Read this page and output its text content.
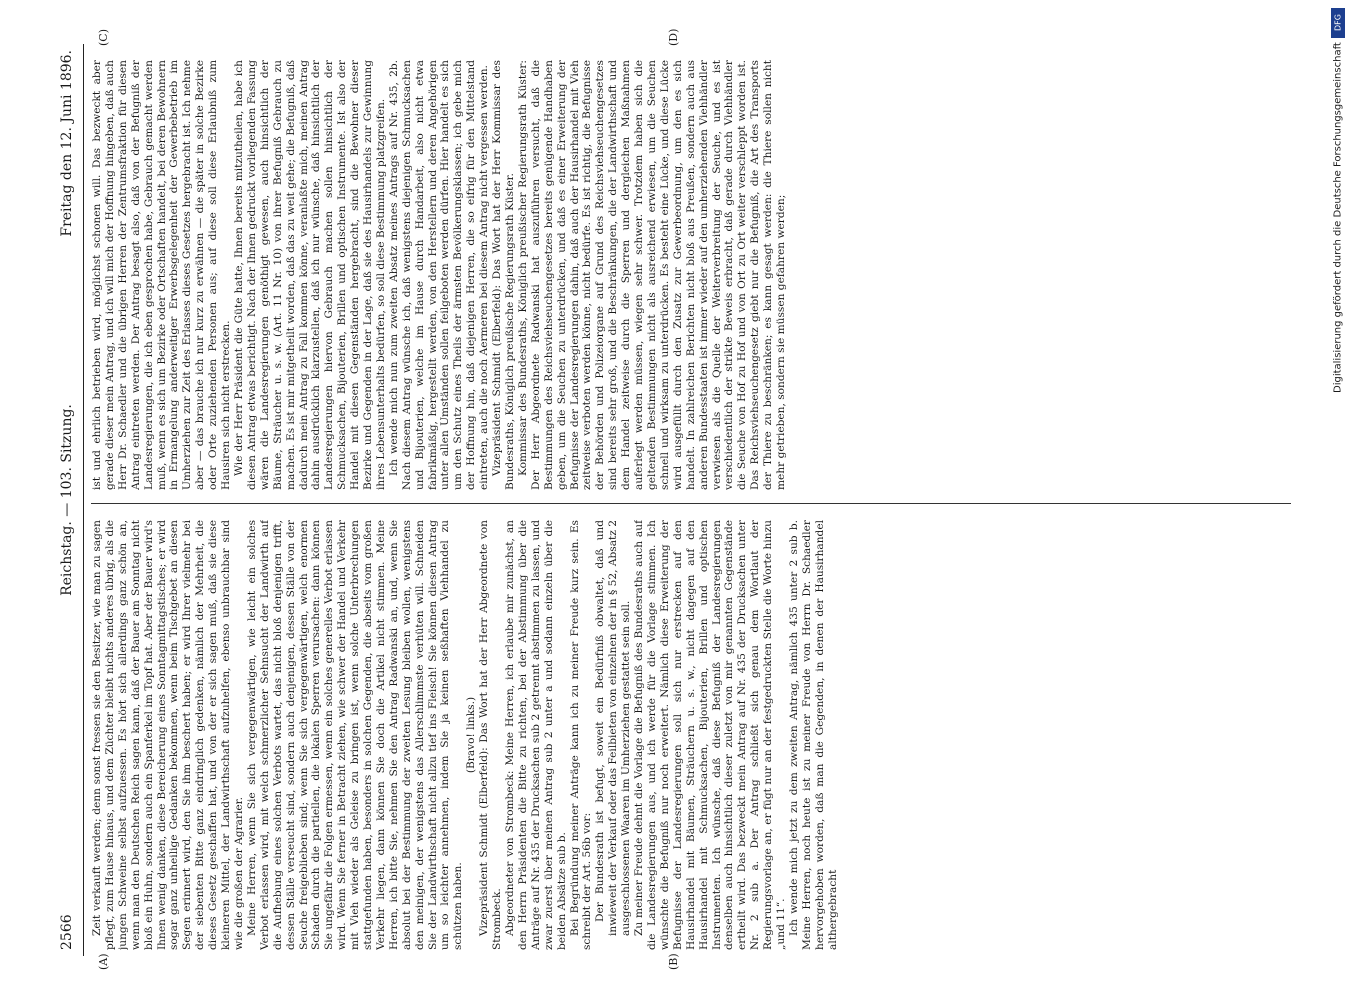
2566
Reichstag. — 103. Sitzung.
Freitag den 12. Juni 1896.
(A)	(B)
(C)	(D)

Zeit verkauft werden; denn sonst fressen sie den Besitzer, wie man zu sagen pflegt, zum Hause hinaus, und dem Züchter bleibt nichts anderes übrig, als die jungen Schweine selbst aufzuessen. Es hört sich allerdings ganz schön an, wenn man den Deutschen Reich sagen kann, daß der Bauer am Sonntag nicht bloß ein Huhn, sondern auch ein Spanferkel im Topf hat. Aber der Bauer wird's Ihnen wenig danken, diese Bereicherung eines Sonntagmittagstisches; er wird sogar ganz unheilige Gedanken bekommen, wenn beim Tischgebet an diesen Segen erinnert wird, den Sie ihm beschert haben; er wird Ihrer vielmehr bei der siebenten Bitte ganz eindringlich gedenken, nämlich der Mehrheit, die dieses Gesetz geschaffen hat, und von der er sich sagen muß, daß sie diese kleineren Mittel, der Landwirthschaft aufzuhelfen, ebenso unbrauchbar sind wie die großen der Agrarier. Meine Herren, wenn Sie sich vergegenwärtigen, wie leicht ein solches Verbot erlassen wird, mit welch schmerzlicher Sehnsucht der Landwirth auf die Aufhebung eines solchen Verbots wartet, das nicht bloß denjenigen trifft, dessen Ställe verseucht sind, sondern auch denjenigen, dessen Ställe von der Seuche freigeblieben sind; wenn Sie sich vergegenwärtigen, welch enormen Schaden durch die partiellen, die lokalen Sperren verursachen: dann können Sie ungefähr die Folgen ermessen, wenn ein solches generelles Verbot erlassen wird. Wenn Sie ferner in Betracht ziehen, wie schwer der Handel und Verkehr mit Vieh wieder als Geleise zu bringen ist, wenn solche Unterbrechungen stattgefunden haben, besonders in solchen Gegenden, die abseits vom großen Verkehr liegen, dann können Sie doch die Artikel nicht stimmen. Meine Herren, ich bitte Sie, nehmen Sie den Antrag Radwanski an, und, wenn Sie absolut bei der Bestimmung der zweiten Lesung bleiben wollen, wenigstens den meinigen, der wenigstens das Allerschlimmste verhüten will. Schneiden Sie der Landwirthschaft nicht allzu tief ins Fleisch! Sie können diesen Antrag um so leichter annehmen, indem Sie ja keinen seßhaften Viehhandel zu schützen haben.

(Bravo! links.) Vizepräsident Schmidt (Elberfeld): Das Wort hat der Herr Abgeordnete von Strombeck. Abgeordneter von Strombeck: Meine Herren, ich erlaube mir zunächst, an den Herrn Präsidenten die Bitte zu richten, bei der Abstimmung über die Anträge auf Nr. 435 der Drucksachen sub 2 getrennt abstimmen zu lassen, und zwar zuerst über meinen Antrag sub 2 unter a und sodann einzeln über die beiden Absätze sub b. Bei Begründung meiner Anträge kann ich zu meiner Freude kurz sein. Es schreibt der Art. 56b vor: Der Bundesrath ist befugt, soweit ein Bedürfniß obwaltet, daß und inwieweit der Verkauf oder das Feilbieten von einzelnen der in § 52, Absatz 2 ausgeschlossenen Waaren im Umherziehen gestattet sein soll. Zu meiner Freude dehnt die Vorlage die Befugniß des Bundesraths auch auf die Landesregierungen aus, und ich werde für die Vorlage stimmen. Ich wünschte die Befugniß nur noch erweitert. Nämlich diese Erweiterung der Befugnisse der Landesregierungen soll sich nur erstrecken auf den Hausirhandel mit Bäumen, Sträuchern u. s. w., nicht dagegen auf den Hausirhandel mit Schmucksachen, Bijouterien, Brillen und optischen Instrumenten. Ich wünsche, daß diese Befugniß der Landesregierungen denselben auch hinsichtlich dieser zuletzt von mir genannten Gegenstände ertheilt wird. Das bezweckt mein Antrag auf Nr. 435 der Drucksachen unter Nr. 2 sub a. Der Antrag schließt sich genau dem Wortlaut der Regierungsvorlage an, er fügt nur an der festgedruckten Stelle die Worte hinzu „und 11“. Ich wende mich jetzt zu dem zweiten Antrag, nämlich 435 unter 2 sub b. Meine Herren, noch heute ist zu meiner Freude von Herrn Dr. Schaedler hervorgehoben worden, daß man die Gegenden, in denen der Hausirhandel althergebracht

ist und ehrlich betrieben wird, möglichst schonen will. Das bezweckt aber gerade dieser mein Antrag, und ich will mich der Hoffnung hingeben, daß auch Herr Dr. Schaedler und die übrigen Herren der Zentrumsfraktion für diesen Antrag eintreten werden. Der Antrag besagt also, daß von der Befugniß der Landesregierungen, die ich eben gesprochen habe, Gebrauch gemacht werden muß, wenn es sich um Bezirke oder Ortschaften handelt, bei deren Bewohnern in Ermangelung anderweitiger Erwerbsgelegenheit der Gewerbebetrieb im Umherziehen zur Zeit des Erlasses dieses Gesetzes hergebracht ist. Ich nehme aber — das brauche ich nur kurz zu erwähnen — die später in solche Bezirke oder Orte zuziehenden Personen aus; auf diese soll diese Erlaubniß zum Hausiren sich nicht erstrecken. Wie der Herr Präsident die Güte hatte, Ihnen bereits mitzutheilen, habe ich diesen Antrag etwas berichtigt. Nach der Ihnen gedruckt vorliegenden Fassung wären die Landesregierungen genöthigt gewesen, auch hinsichtlich der Bäume, Sträucher u. s. w. (Art. 11 Nr. 10) von ihrer Befugniß Gebrauch zu machen. Es ist mir mitgetheilt worden, daß das zu weit gehe; die Befugniß, daß dadurch mein Antrag zu Fall kommen könne, veranlaßte mich, meinen Antrag dahin ausdrücklich klarzustellen, daß ich nur wünsche, daß hinsichtlich der Landesregierungen hiervon Gebrauch machen sollen hinsichtlich der Schmucksachen, Bijouterien, Brillen und optischen Instrumente. Ist also der Handel mit diesen Gegenständen hergebracht, sind die Bewohner dieser Bezirke und Gegenden in der Lage, daß sie des Hausirhandels zur Gewinnung ihres Lebensunterhalts bedürfen, so soll diese Bestimmung platzgreifen. Ich wende mich nun zum zweiten Absatz meines Antrags auf Nr. 435, 2b. Nach diesem Antrag wünsche ich, daß wenigstens diejenigen Schmucksachen und Bijouterien, welche im Hause durch Handarbeit, also nicht etwa fabrikmäßig, hergestellt werden, von den Herstellern und deren Angehörigen unter allen Umständen sollen feilgeboten werden dürfen. Hier handelt es sich um den Schutz eines Theils der ärmsten Bevölkerungsklassen; ich gebe mich der Hoffnung hin, daß diejenigen Herren, die so eifrig für den Mittelstand eintreten, auch die noch Aermeren bei diesem Antrag nicht vergessen werden. Vizepräsident Schmidt (Elberfeld): Das Wort hat der Herr Kommissar des Bundesraths, Königlich preußische Regierungsrath Küster. Kommissar des Bundesraths, Königlich preußischer Regierungsrath Küster: Der Herr Abgeordnete Radwanski hat auszuführen versucht, daß die Bestimmungen des Reichsviehseuchengesetzes bereits genügende Handhaben geben, um die Seuchen zu unterdrücken, und daß es einer Erweiterung der Befugnisse der Landesregierungen dahin, daß auch der Hausirhandel mit Vieh zeitweise verboten werden könne, nicht bedürfe. Es ist richtig, die Befugnisse der Behörden und Polizeiorgane auf Grund des Reichsviehseuchengesetzes sind bereits sehr groß, und die Beschränkungen, die der Landwirthschaft und dem Handel zeitweise durch die Sperren und dergleichen Maßnahmen auferlegt werden müssen, wiegen sehr schwer. Trotzdem haben sich die geltenden Bestimmungen nicht als ausreichend erwiesen, um die Seuchen schnell und wirksam zu unterdrücken. Es besteht eine Lücke, und diese Lücke wird ausgefüllt durch den Zusatz zur Gewerbeordnung, um den es sich handelt. In zahlreichen Berichten nicht bloß aus Preußen, sondern auch aus anderen Bundesstaaten ist immer wieder auf den umherziehenden Viehhändler verwiesen als die Quelle der Weiterverbreitung der Seuche, und es ist verschiedentlich der strikte Beweis erbracht, daß gerade durch Viehhändler die Seuche von Hof zu Hof und von Ort zu Ort weiter verschleppt worden ist. Das Reichsviehseuchengesetz giebt nur die Befugniß, die Art des Transports der Thiere zu beschränken; es kann gesagt werden: die Thiere sollen nicht mehr getrieben, sondern sie müssen gefahren werden;

DFG
Digitalisierung gefördert durch die Deutsche Forschungsgemeinschaft
